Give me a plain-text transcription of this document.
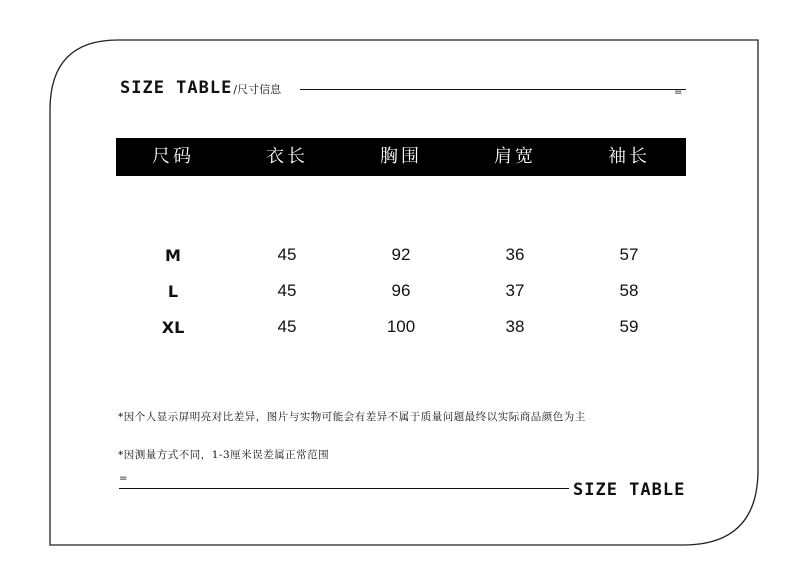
SIZE TABLE/尺寸信息	=
尺码	衣长	胸围	肩宽	袖长
M	45	92	36	57
L	45	96	37	58
XL	45	100	38	59
*因个人显示屏明亮对比差异，图片与实物可能会有差异不属于质量问题最终以实际商品颜色为主
*因测量方式不同，1-3厘米误差属正常范围
=
SIZE TABLE
